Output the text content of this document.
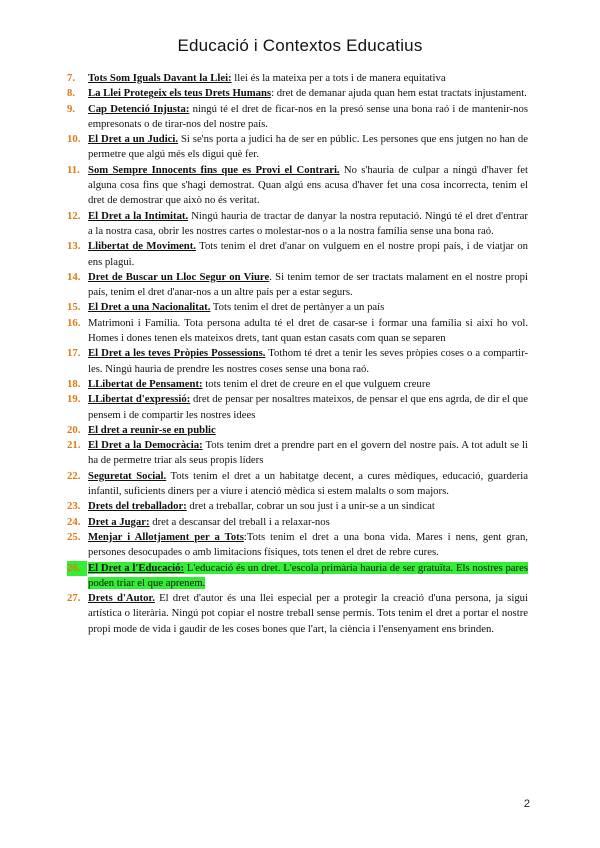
Educació i Contextos Educatius
7.	Tots Som Iguals Davant la Llei: llei és la mateixa per a tots i de manera equitativa
8.	La Llei Protegeix els teus Drets Humans: dret de demanar ajuda quan hem estat tractats injustament.
9.	Cap Detenció Injusta: ningú té el dret de ficar-nos en la presó sense una bona raó i de mantenir-nos empresonats o de tirar-nos del nostre país.
10. El Dret a un Judici. Si se'ns porta a judici ha de ser en públic. Les persones que ens jutgen no han de permetre que algú més els digui què fer.
11. Som Sempre Innocents fins que es Provi el Contrari. No s'hauria de culpar a ningú d'haver fet alguna cosa fins que s'hagi demostrat. Quan algú ens acusa d'haver fet una cosa incorrecta, tenim el dret de demostrar que això no és veritat.
12. El Dret a la Intimitat. Ningú hauria de tractar de danyar la nostra reputació. Ningú té el dret d'entrar a la nostra casa, obrir les nostres cartes o molestar-nos o a la nostra família sense una bona raó.
13. Llibertat de Moviment. Tots tenim el dret d'anar on vulguem en el nostre propi país, i de viatjar on ens plagui.
14. Dret de Buscar un Lloc Segur on Viure. Si tenim temor de ser tractats malament en el nostre propi país, tenim el dret d'anar-nos a un altre país per a estar segurs.
15. El Dret a una Nacionalitat. Tots tenim el dret de pertànyer a un país
16. Matrimoni i Família. Tota persona adulta té el dret de casar-se i formar una família si així ho vol. Homes i dones tenen els mateixos drets, tant quan estan casats com quan se separen
17. El Dret a les teves Pròpies Possessions. Tothom té dret a tenir les seves pròpies coses o a compartir-les. Ningú hauria de prendre les nostres coses sense una bona raó.
18. LLibertat de Pensament: tots tenim el dret de creure en el que vulguem creure
19. LLibertat d'expressió: dret de pensar per nosaltres mateixos, de pensar el que ens agrda, de dir el que pensem i de compartir les nostres idees
20. El dret a reunir-se en public
21. El Dret a la Democràcia: Tots tenim dret a prendre part en el govern del nostre país. A tot adult se li ha de permetre triar als seus propis líders
22. Seguretat Social. Tots tenim el dret a un habitatge decent, a cures mèdiques, educació, guarderia infantil, suficients diners per a viure i atenció mèdica si estem malalts o som majors.
23. Drets del treballador: dret a treballar, cobrar un sou just i a unir-se a un sindicat
24. Dret a Jugar: dret a descansar del treball i a relaxar-nos
25. Menjar i Allotjament per a Tots:Tots tenim el dret a una bona vida. Mares i nens, gent gran, persones desocupades o amb limitacions físiques, tots tenen el dret de rebre cures.
26. El Dret a l'Educació: L'educació és un dret. L'escola primària hauria de ser gratuïta. Els nostres pares poden triar el que aprenem.
27. Drets d'Autor. El dret d'autor és una llei especial per a protegir la creació d'una persona, ja sigui artística o literària. Ningú pot copiar el nostre treball sense permís. Tots tenim el dret a portar el nostre propi mode de vida i gaudir de les coses bones que l'art, la ciència i l'ensenyament ens brinden.
2
